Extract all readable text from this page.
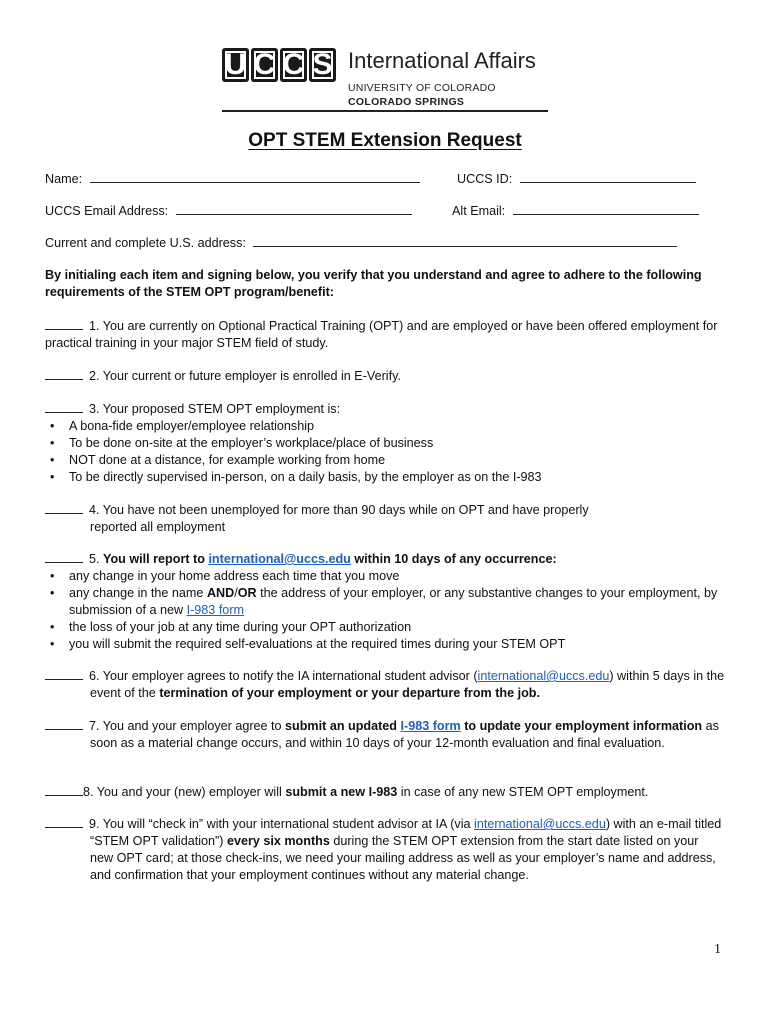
U C C S International Affairs
UNIVERSITY OF COLORADO
COLORADO SPRINGS
OPT STEM Extension Request
Name:	UCCS ID:
UCCS Email Address:	Alt Email:
Current and complete U.S. address:
By initialing each item and signing below, you verify that you understand and agree to adhere to the following requirements of the STEM OPT program/benefit:
1. You are currently on Optional Practical Training (OPT) and are employed or have been offered employment for practical training in your major STEM field of study.
2. Your current or future employer is enrolled in E-Verify.
3. Your proposed STEM OPT employment is:
• A bona-fide employer/employee relationship
• To be done on-site at the employer’s workplace/place of business
• NOT done at a distance, for example working from home
• To be directly supervised in-person, on a daily basis, by the employer as on the I-983
4. You have not been unemployed for more than 90 days while on OPT and have properly
reported all employment
5. You will report to international@uccs.edu within 10 days of any occurrence:
• any change in your home address each time that you move
• any change in the name AND/OR the address of your employer, or any substantive changes to your employment, by submission of a new I-983 form
• the loss of your job at any time during your OPT authorization
• you will submit the required self-evaluations at the required times during your STEM OPT
6. Your employer agrees to notify the IA international student advisor (international@uccs.edu) within 5 days in the event of the termination of your employment or your departure from the job.
7. You and your employer agree to submit an updated I-983 form to update your employment information as soon as a material change occurs, and within 10 days of your 12-month evaluation and final evaluation.
8. You and your (new) employer will submit a new I-983 in case of any new STEM OPT employment.
9. You will “check in” with your international student advisor at IA (via international@uccs.edu) with an e-mail titled “STEM OPT validation”) every six months during the STEM OPT extension from the start date listed on your new OPT card; at those check-ins, we need your mailing address as well as your employer’s name and address, and confirmation that your employment continues without any material change.
1
